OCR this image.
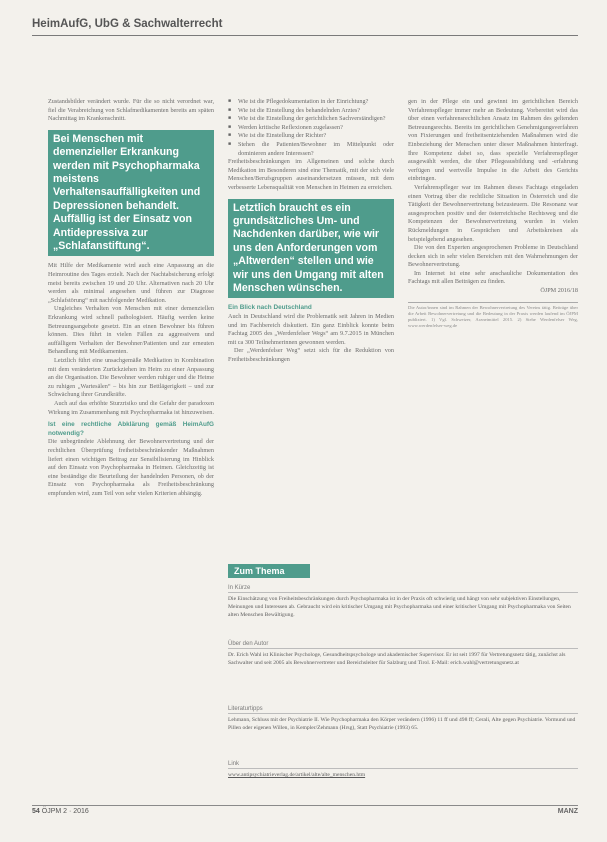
HeimAufG, UbG & Sachwalterrecht

Zustandsbilder verändert wurde. Für die so nicht verordnet war, fiel die Verabreichung von Schlafmedikamenten bereits am späten Nachmittag im Krankenschnitt.

Bei Menschen mit demenzieller Erkrankung werden mit Psychopharmaka meistens Verhaltensauffälligkeiten und Depressionen behandelt. Auffällig ist der Einsatz von Antidepressiva zur „Schlafanstiftung“.

Mit Hilfe der Medikamente wird auch eine Anpassung an die Heimroutine des Tages erzielt. Nach der Nachtabsicherung erfolgt meist bereits zwischen 19 und 20 Uhr. Alternativen nach 20 Uhr werden als minimal angesehen und führen zur Diagnose „Schlafstörung“ mit nachfolgender Medikation.

Ungleiches Verhalten von Menschen mit einer demenziellen Erkrankung wird schnell pathologisiert. Häufig werden keine Betreuungsangebote gesetzt. Ein an einen Bewohner bis führen können. Dies führt in vielen Fällen zu aggressivem und auffälligem Verhalten der Bewohner/Patienten und zur erneuten Behandlung mit Medikamenten.

Letztlich führt eine unsachgemäße Medikation in Kombination mit dem veränderten Zurückziehen im Heim zu einer Anpassung an die Organisation. Die Bewohner werden ruhiger und die Heime zu ruhigen „Wartesälen“ – bis hin zur Bettlägerigkeit – und zur Schwächung ihrer Grundkräfte.

Auch auf das erhöhte Sturzrisiko und die Gefahr der paradoxen Wirkung im Zusammenhang mit Psychopharmaka ist hinzuweisen.

Ist eine rechtliche Abklärung gemäß HeimAufG notwendig?

Die unbegründete Ablehnung der Bewohnervertretung und der rechtlichen Überprüfung freiheitsbeschränkender Maßnahmen liefert einen wichtigen Beitrag zur Sensibilisierung im Hinblick auf den Einsatz von Psychopharmaka in Heimen. Gleichzeitig ist eine beständige die Beurteilung der handelnden Personen, ob der Einsatz von Psychopharmaka als Freiheitsbeschränkung empfunden wird, zum Teil von sehr vielen Kriterien abhängig.

■ Wie ist die Pflegedokumentation in der Einrichtung?
■ Wie ist die Einstellung des behandelnden Arztes?
■ Wie ist die Einstellung der gerichtlichen Sachverständigen?
■ Werden kritische Reflexionen zugelassen?
■ Wie ist die Einstellung der Richter?
■ Stehen die Patienten/Bewohner im Mittelpunkt oder dominieren andere Interessen?

Freiheitsbeschränkungen im Allgemeinen und solche durch Medikation im Besonderen sind eine Thematik, mit der sich viele Menschen/Berufsgruppen auseinandersetzen müssen, mit dem verbesserte Lebensqualität von Menschen in Heimen zu erreichen.

Letztlich braucht es ein grundsätzliches Um- und Nachdenken darüber, wie wir uns den Anforderungen vom „Altwerden“ stellen und wie wir uns den Umgang mit alten Menschen wünschen.
Ein Blick nach Deutschland

Auch in Deutschland wird die Problematik seit Jahren in Medien und im Fachbereich diskutiert. Ein ganz Einblick konnte beim Fachtag 2005 des „Werdenfelser Wegs“ am 9.7.2015 in München mit ca 300 Teilnehmerinnen gewonnen werden.

Der „Werdenfelser Weg“ setzt sich für die Reduktion von Freiheitsbeschränkungen

gen in der Pflege ein und gewinnt im gerichtlichen Bereich Verfahrenspfleger immer mehr an Bedeutung. Vorbereitet wird das über einen verfahrensrechtlichen Ansatz im Rahmen des geltenden Betreuungsrechts. Bereits im gerichtlichen Genehmigungsverfahren von Fixierungen und freiheitsentziehenden Maßnahmen wird die Einbeziehung der Menschen unter dieser Maßnahmen hinterfragt. Ihre Kompetenz dabei so, dass spezielle Verfahrenspfleger ausgewählt werden, die über Pflegeausbildung und -erfahrung verfügen und wertvolle Impulse in die Arbeit des Gerichts einbringen.

Verfahrenspfleger war im Rahmen dieses Fachtags eingeladen einen Vortrag über die rechtliche Situation in Österreich und die Tätigkeit der Bewohnervertretung beizusteuern. Die Resonanz war ausgesprochen positiv und der österreichische Rechtsweg und die Kompetenzen der Bewohnervertretung wurden in vielen Rückmeldungen in Gesprächen und Arbeitskreisen als beispielgebend angesehen.

Die von den Experten angesprochenen Probleme in Deutschland decken sich in sehr vielen Bereichen mit den Wahrnehmungen der Bewohnervertretung.

Im Internet ist eine sehr anschauliche Dokumentation des Fachtags mit allen Beiträgen zu finden.

ÖJPM 2016/18

Die Autor/innen sind im Rahmen der Bewohnervertretung des Vereins tätig. Beiträge über die Arbeit Bewohnervertretung und die Bedeutung in der Praxis werden laufend im ÖJPM publiziert. 1) Vgl. Schweizer, Arzneimittel 2015. 2) Siehe Werdenfelser Weg, www.werdenfelser-weg.de
Zum Thema
In Kürze
Die Einschätzung von Freiheitsbeschränkungen durch Psychopharmaka ist in der Praxis oft schwierig und hängt von sehr subjektiven Einstellungen, Meinungen und Interessen ab. Gebraucht wird ein kritischer Umgang mit Psychopharmaka und einer kritischer Umgang mit Psychopharmaka von Seiten alten Menschen Bewältigung.
Über den Autor
Dr. Erich Wahl ist Klinischer Psychologe, Gesundheitspsychologe und akademischer Supervisor. Er ist seit 1997 für Vertretungsnetz tätig, zunächst als Sachwalter und seit 2005 als Bewohnervertreter und Bereichsleiter für Salzburg und Tirol. E-Mail: erich.wahl@vertretungsnetz.at
Literaturtipps
Lehmann, Schluss mit der Psychiatrie II. Wie Psychopharmaka den Körper verändern (1996) 11 ff und 498 ff; Cerali, Alte gegen Psychiatrie. Vormund und Pillen oder eigenen Willen, in Kempler/Zehmann (Hrsg), Statt Psychiatrie (1993) 65.
Link
www.antipsychiatrieverlag.de/artikel/alte/alte_menschen.htm
54 ÖJPM 2 · 2016	MANZ
